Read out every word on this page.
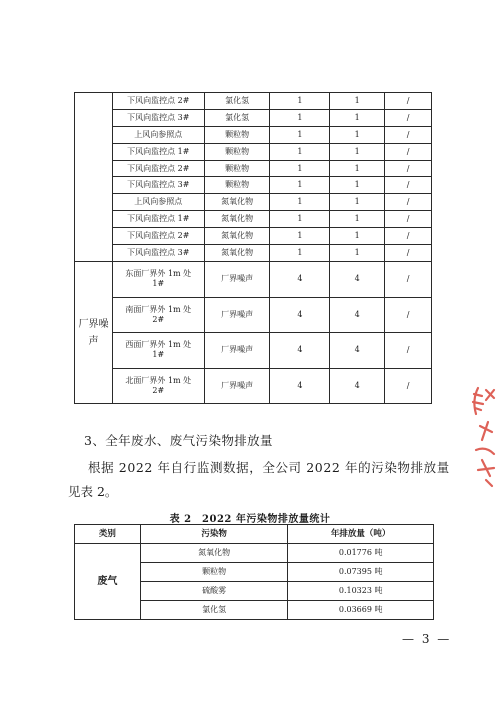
	下风向监控点 2#	氯化氢	1	1	/
	下风向监控点 3#	氯化氢	1	1	/
	上风向参照点	颗粒物	1	1	/
	下风向监控点 1#	颗粒物	1	1	/
	下风向监控点 2#	颗粒物	1	1	/
	下风向监控点 3#	颗粒物	1	1	/
	上风向参照点	氮氧化物	1	1	/
	下风向监控点 1#	氮氧化物	1	1	/
	下风向监控点 2#	氮氧化物	1	1	/
	下风向监控点 3#	氮氧化物	1	1	/
厂界噪声	东面厂界外 1m 处 1#	厂界噪声	4	4	/
	南面厂界外 1m 处 2#	厂界噪声	4	4	/
	西面厂界外 1m 处 1#	厂界噪声	4	4	/
	北面厂界外 1m 处 2#	厂界噪声	4	4	/
3、全年废水、废气污染物排放量
根据 2022 年自行监测数据，全公司 2022 年的污染物排放量
见表 2。
表 2　2022 年污染物排放量统计
类别	污染物	年排放量（吨）
废气	氮氧化物	0.01776 吨
	颗粒物	0.07395 吨
	硫酸雾	0.10323 吨
	氯化氢	0.03669 吨
— 3 —
